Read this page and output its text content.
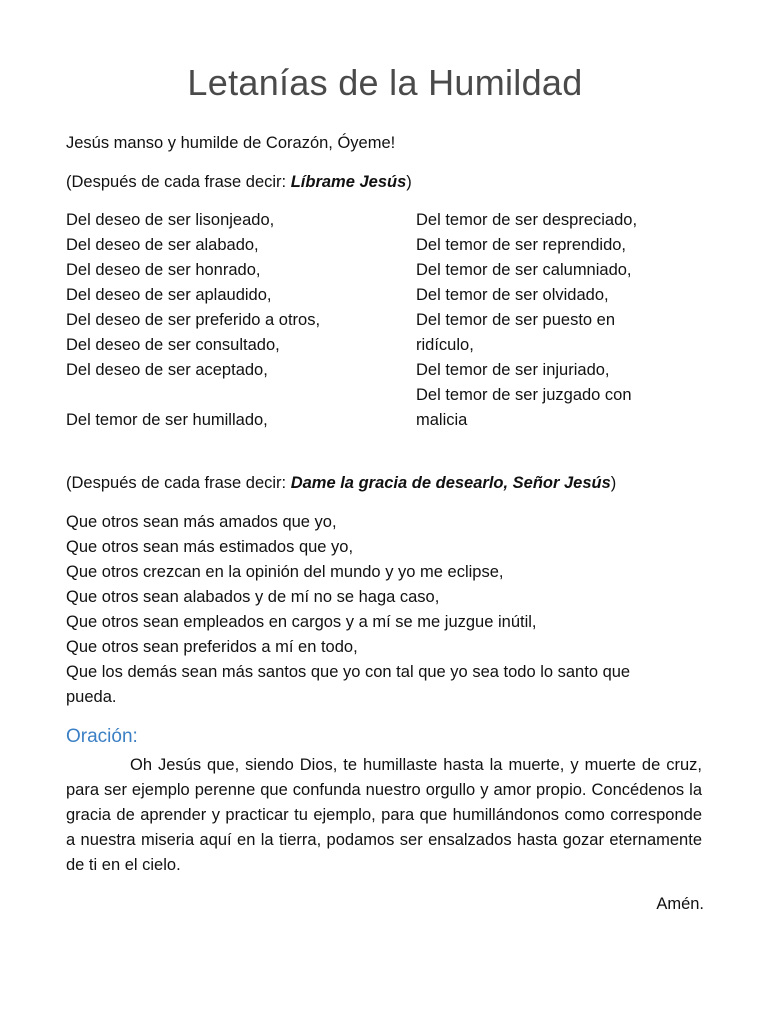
Letanías de la Humildad
Jesús manso y humilde de Corazón, Óyeme!
(Después de cada frase decir: Líbrame Jesús)
Del deseo de ser lisonjeado,
Del deseo de ser alabado,
Del deseo de ser honrado,
Del deseo de ser aplaudido,
Del deseo de ser preferido a otros,
Del deseo de ser consultado,
Del deseo de ser aceptado,
Del temor de ser humillado,
Del temor de ser despreciado,
Del temor de ser reprendido,
Del temor de ser calumniado,
Del temor de ser olvidado,
Del temor de ser puesto en
ridículo,
Del temor de ser injuriado,
Del temor de ser juzgado con
malicia
(Después de cada frase decir: Dame la gracia de desearlo, Señor Jesús)
Que otros sean más amados que yo,
Que otros sean más estimados que yo,
Que otros crezcan en la opinión del mundo y yo me eclipse,
Que otros sean alabados y de mí no se haga caso,
Que otros sean empleados en cargos y a mí se me juzgue inútil,
Que otros sean preferidos a mí en todo,
Que los demás sean más santos que yo con tal que yo sea todo lo santo que
pueda.
Oración:

Oh Jesús que, siendo Dios, te humillaste hasta la muerte, y muerte de cruz, para ser ejemplo perenne que confunda nuestro orgullo y amor propio. Concédenos la gracia de aprender y practicar tu ejemplo, para que humillándonos como corresponde a nuestra miseria aquí en la tierra, podamos ser ensalzados hasta gozar eternamente de ti en el cielo.

Amén.
